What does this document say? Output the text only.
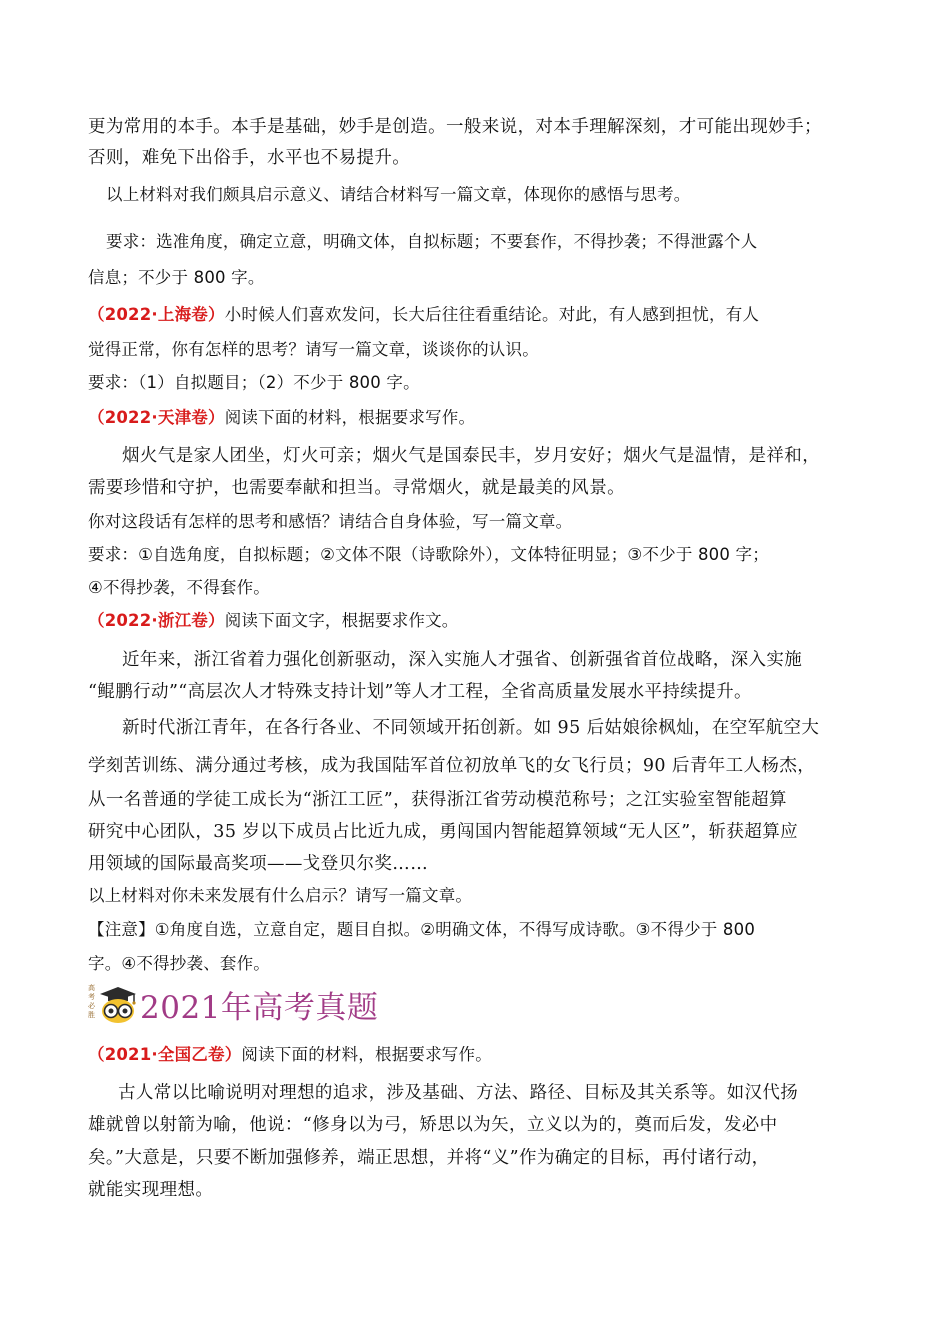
更为常用的本手。本手是基础，妙手是创造。一般来说，对本手理解深刻，才可能出现妙手；
否则，难免下出俗手，水平也不易提升。
以上材料对我们颇具启示意义、请结合材料写一篇文章，体现你的感悟与思考。
要求：选准角度，确定立意，明确文体，自拟标题；不要套作，不得抄袭；不得泄露个人
信息；不少于 800 字。
（2022·上海卷）小时候人们喜欢发问，长大后往往看重结论。对此，有人感到担忧，有人
觉得正常，你有怎样的思考？请写一篇文章，谈谈你的认识。
要求：（1）自拟题目；（2）不少于 800 字。
（2022·天津卷）阅读下面的材料，根据要求写作。
烟火气是家人团坐，灯火可亲；烟火气是国泰民丰，岁月安好；烟火气是温情，是祥和，
需要珍惜和守护，也需要奉献和担当。寻常烟火，就是最美的风景。
你对这段话有怎样的思考和感悟？请结合自身体验，写一篇文章。
要求：①自选角度，自拟标题；②文体不限（诗歌除外），文体特征明显；③不少于 800 字；
④不得抄袭，不得套作。
（2022·浙江卷）阅读下面文字，根据要求作文。
近年来，浙江省着力强化创新驱动，深入实施人才强省、创新强省首位战略，深入实施
“鲲鹏行动”“高层次人才特殊支持计划”等人才工程，全省高质量发展水平持续提升。
新时代浙江青年，在各行各业、不同领域开拓创新。如 95 后姑娘徐枫灿，在空军航空大
学刻苦训练、满分通过考核，成为我国陆军首位初放单飞的女飞行员；90 后青年工人杨杰，
从一名普通的学徒工成长为“浙江工匠”，获得浙江省劳动模范称号；之江实验室智能超算
研究中心团队，35 岁以下成员占比近九成，勇闯国内智能超算领域“无人区”，斩获超算应
用领域的国际最高奖项——戈登贝尔奖……
以上材料对你未来发展有什么启示？请写一篇文章。
【注意】①角度自选，立意自定，题目自拟。②明确文体，不得写成诗歌。③不得少于 800
字。④不得抄袭、套作。
高考必胜 2021年高考真题
（2021·全国乙卷）阅读下面的材料，根据要求写作。
古人常以比喻说明对理想的追求，涉及基础、方法、路径、目标及其关系等。如汉代扬
雄就曾以射箭为喻，他说：“修身以为弓，矫思以为矢，立义以为的，奠而后发，发必中
矣。”大意是，只要不断加强修养，端正思想，并将“义”作为确定的目标，再付诸行动，
就能实现理想。
